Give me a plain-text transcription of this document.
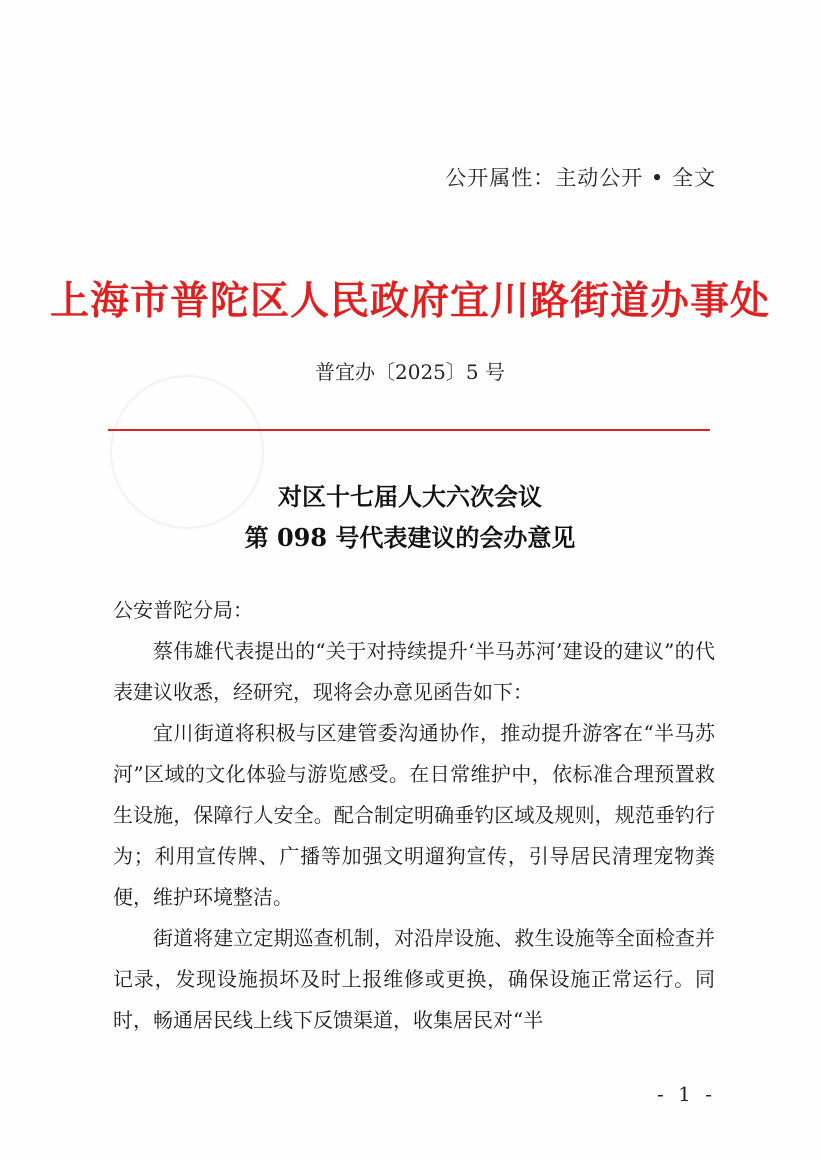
公开属性：主动公开 • 全文
上海市普陀区人民政府宜川路街道办事处
普宜办〔2025〕5 号
对区十七届人大六次会议
第 098 号代表建议的会办意见

公安普陀分局：

蔡伟雄代表提出的“关于对持续提升‘半马苏河’建设的建议”的代表建议收悉，经研究，现将会办意见函告如下：

宜川街道将积极与区建管委沟通协作，推动提升游客在“半马苏河”区域的文化体验与游览感受。在日常维护中，依标准合理预置救生设施，保障行人安全。配合制定明确垂钓区域及规则，规范垂钓行为；利用宣传牌、广播等加强文明遛狗宣传，引导居民清理宠物粪便，维护环境整洁。

街道将建立定期巡查机制，对沿岸设施、救生设施等全面检查并记录，发现设施损坏及时上报维修或更换，确保设施正常运行。同时，畅通居民线上线下反馈渠道，收集居民对“半

- 1 -
